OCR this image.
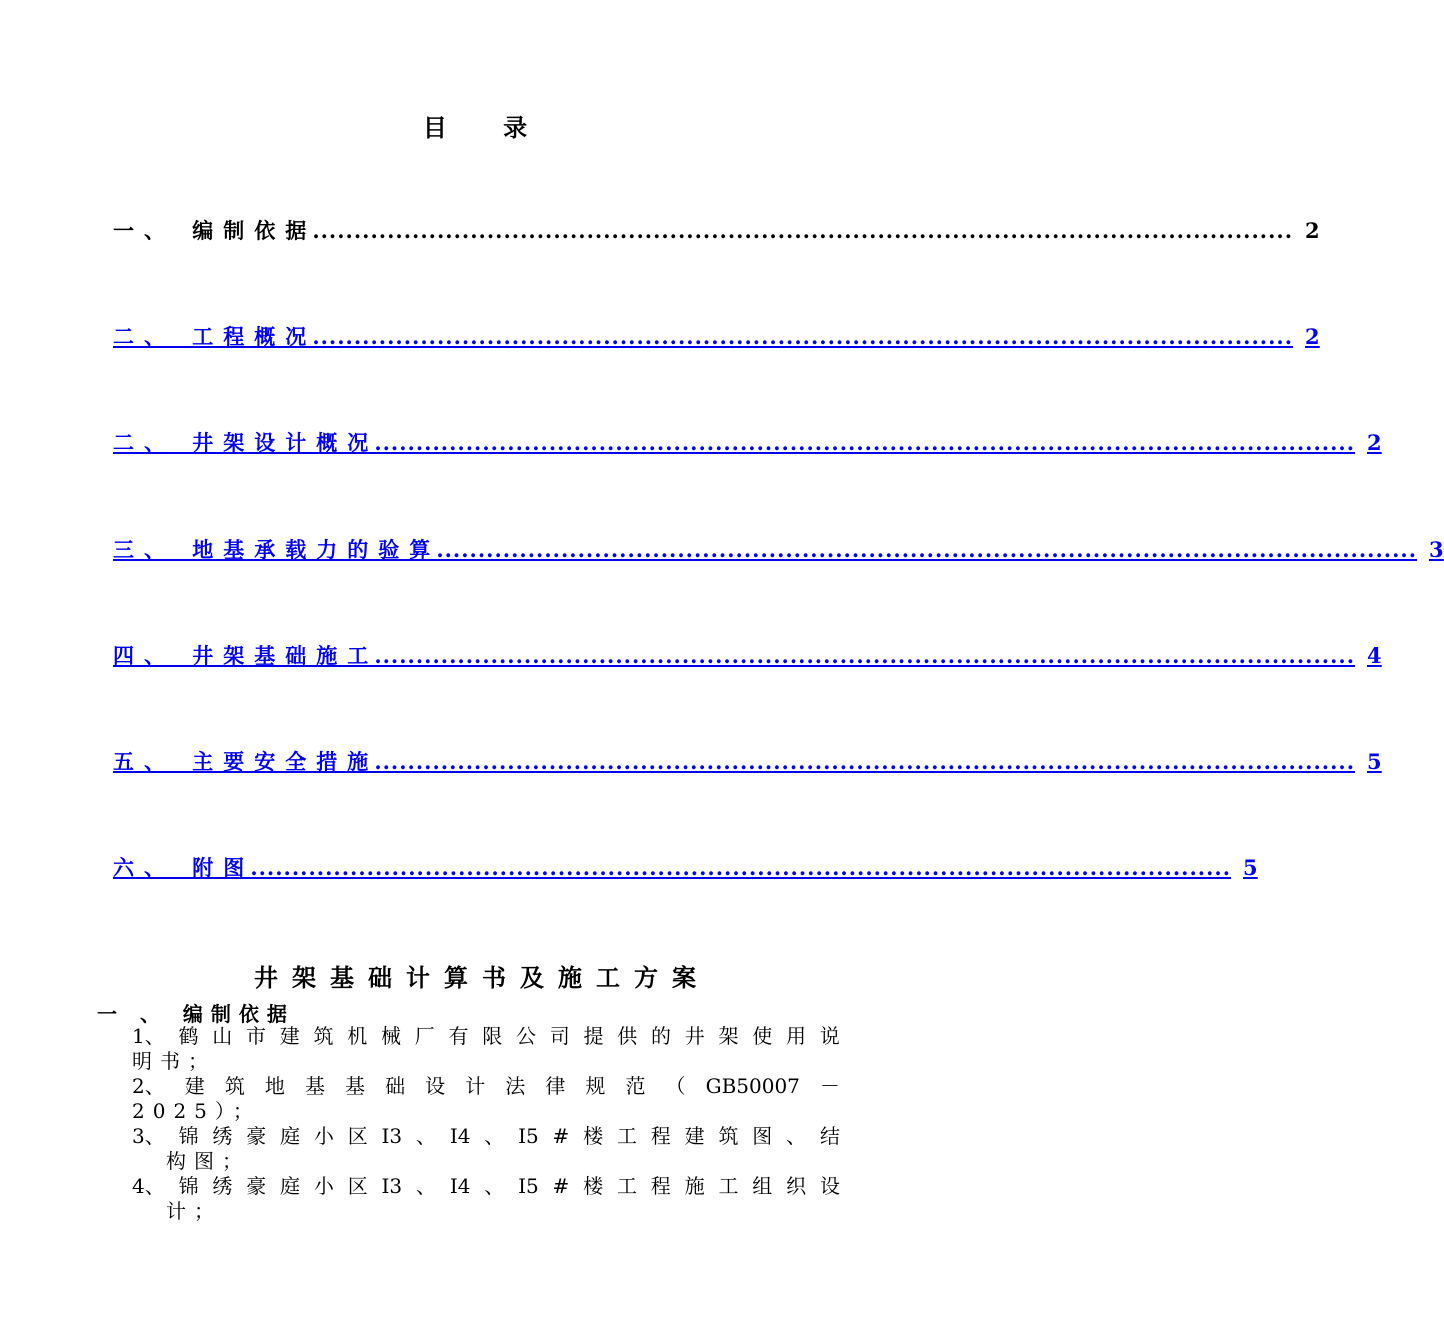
目 录
一、 编制依据
...................................................................................................................... 2
二、 工程概况
...................................................................................................................... 2
二、 井架设计概况
...................................................................................................................... 2
三、 地基承载力的验算
...................................................................................................................... 3
四、 井架基础施工
...................................................................................................................... 4
五、 主要安全措施
...................................................................................................................... 5
六、 附图
...................................................................................................................... 5
井架基础计算书及施工方案
一 、 编制依据
1、 鹤 山 市 建 筑 机 械 厂 有 限 公 司 提 供 的 井 架 使 用 说
明书；
2、 建 筑 地 基 基 础 设 计 法 律 规 范 （ GB50007 －
2025）；
3、 锦 绣 豪 庭 小 区 I3 、 I4 、 I5 # 楼 工 程 建 筑 图 、 结
构图；
4、 锦 绣 豪 庭 小 区 I3 、 I4 、 I5 # 楼 工 程 施 工 组 织 设
计；
